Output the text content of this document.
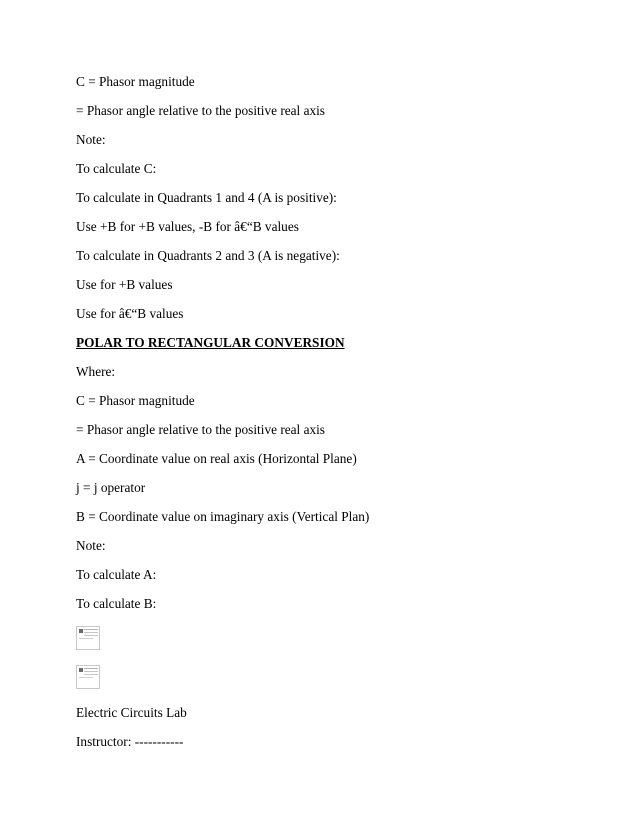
C = Phasor magnitude
= Phasor angle relative to the positive real axis
Note:
To calculate C:
To calculate in Quadrants 1 and 4 (A is positive):
Use +B for +B values, -B for â€“B values
To calculate in Quadrants 2 and 3 (A is negative):
Use for +B values
Use for â€“B values
POLAR TO RECTANGULAR CONVERSION
Where:
C = Phasor magnitude
= Phasor angle relative to the positive real axis
A = Coordinate value on real axis (Horizontal Plane)
j = j operator
B = Coordinate value on imaginary axis (Vertical Plan)
Note:
To calculate A:
To calculate B:
Electric Circuits Lab
Instructor: -----------
